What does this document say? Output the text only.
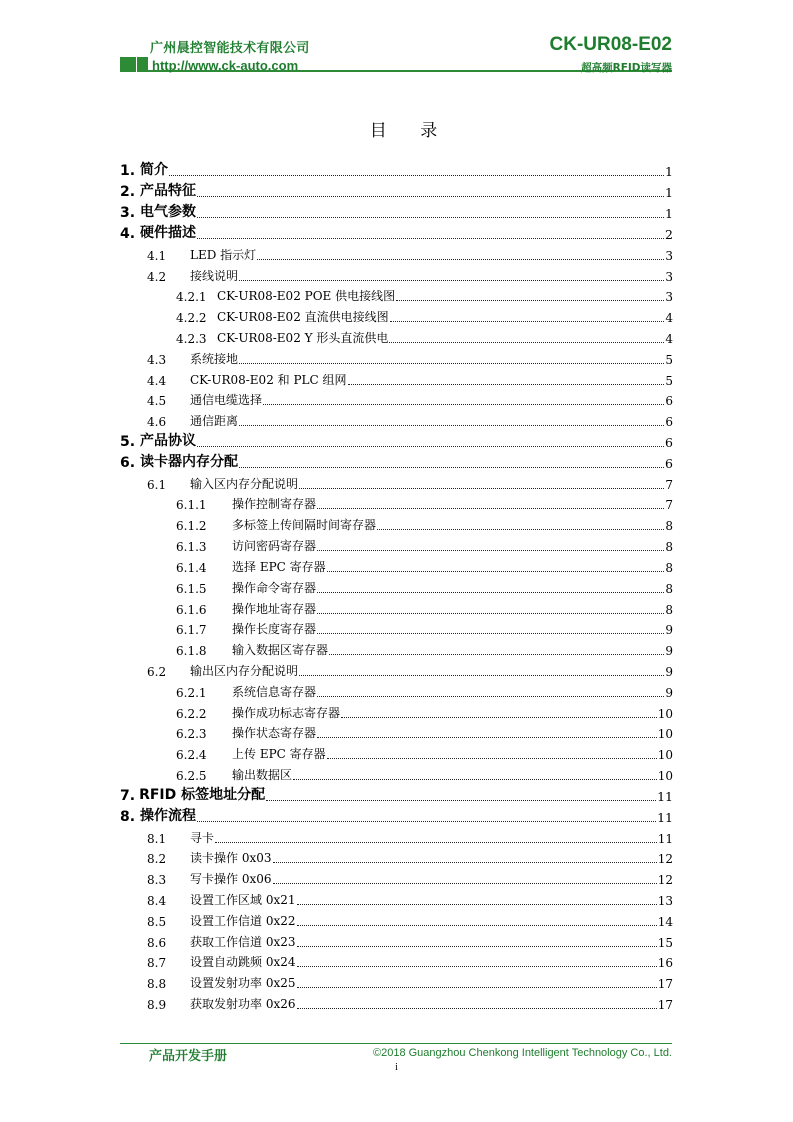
广州晨控智能技术有限公司	CK-UR08-E02
http://www.ck-auto.com	超高频RFID读写器
目 录
1. 简介	1
2. 产品特征	1
3. 电气参数	1
4. 硬件描述	2
4.1	LED 指示灯	3
4.2	接线说明	3
4.2.1 CK-UR08-E02 POE 供电接线图	3
4.2.2 CK-UR08-E02 直流供电接线图	4
4.2.3 CK-UR08-E02 Y 形头直流供电	4
4.3	系统接地	5
4.4	CK-UR08-E02 和 PLC 组网	5
4.5	通信电缆选择	6
4.6	通信距离	6
5. 产品协议	6
6. 读卡器内存分配	6
6.1	输入区内存分配说明	7
6.1.1	操作控制寄存器	7
6.1.2	多标签上传间隔时间寄存器	8
6.1.3	访问密码寄存器	8
6.1.4	选择 EPC 寄存器	8
6.1.5	操作命令寄存器	8
6.1.6	操作地址寄存器	8
6.1.7	操作长度寄存器	9
6.1.8	输入数据区寄存器	9
6.2	输出区内存分配说明	9
6.2.1	系统信息寄存器	9
6.2.2	操作成功标志寄存器	10
6.2.3	操作状态寄存器	10
6.2.4	上传 EPC 寄存器	10
6.2.5	输出数据区	10
7. RFID 标签地址分配	11
8. 操作流程	11
8.1	寻卡	11
8.2	读卡操作 0x03	12
8.3	写卡操作 0x06	12
8.4	设置工作区域 0x21	13
8.5	设置工作信道 0x22	14
8.6	获取工作信道 0x23	15
8.7	设置自动跳频 0x24	16
8.8	设置发射功率 0x25	17
8.9	获取发射功率 0x26	17
产品开发手册	©2018 Guangzhou Chenkong Intelligent Technology Co., Ltd.
i
